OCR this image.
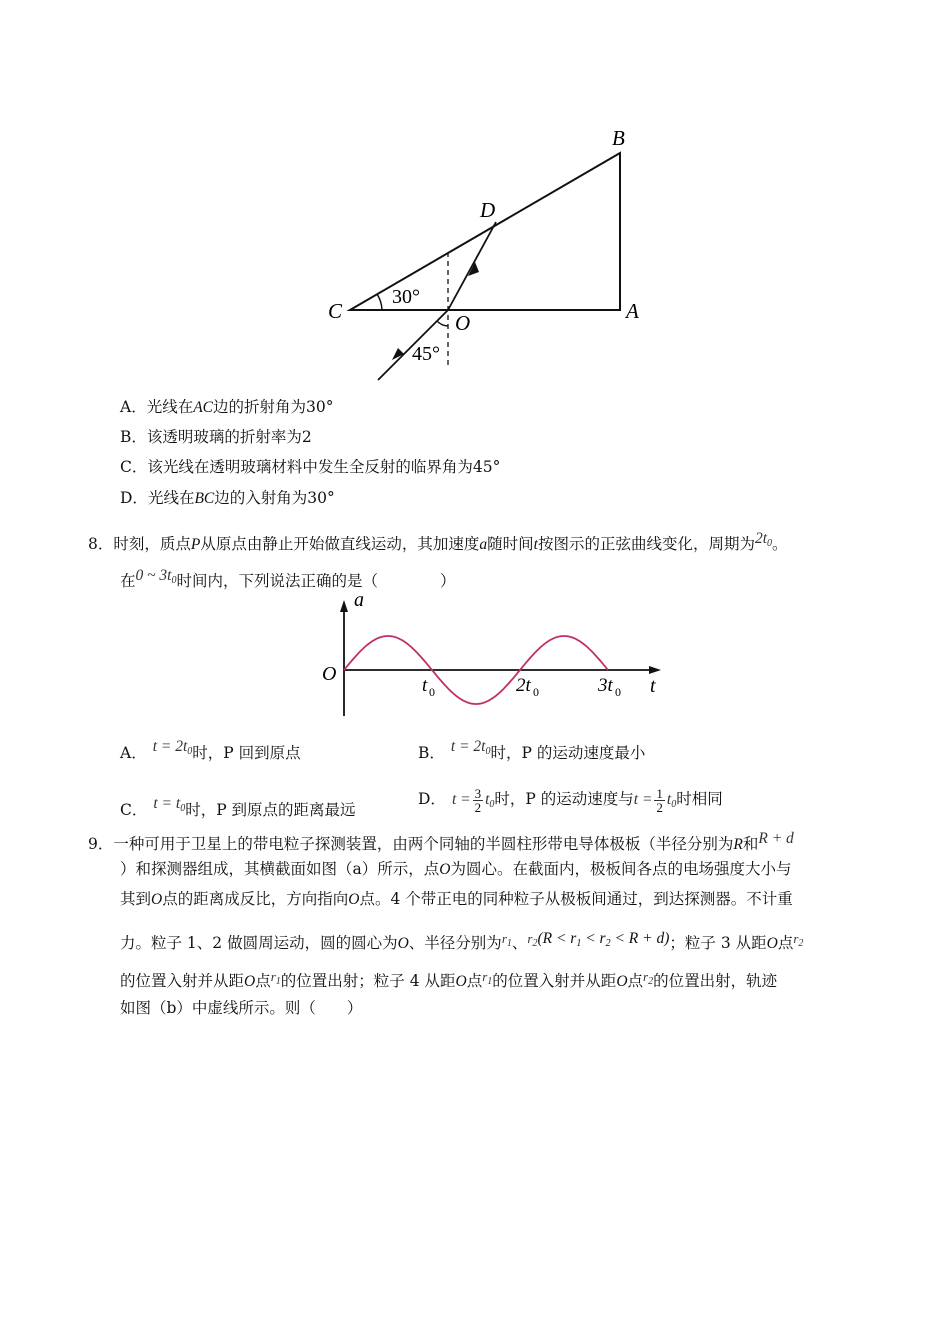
B
D
C	O	A
30°
45°
A．光线在AC边的折射角为30°
B．该透明玻璃的折射率为2
C．该光线在透明玻璃材料中发生全反射的临界角为45°
D．光线在BC边的入射角为30°
8．时刻，质点P从原点由静止开始做直线运动，其加速度a随时间t按图示的正弦曲线变化，周期为$2t_0$。
在0 ~ $3t_0$时间内，下列说法正确的是（　　　　）
a
t
O
t 0	2t 0	3t 0
A． $t = 2t_0$时，P 回到原点	B． $t = 2t_0$时，P 的运动速度最小
C． $t = t_0$时，P 到原点的距离最远
D． $t = \frac{3}{2} t_0$时，P 的运动速度与$t = \frac{1}{2} t_0$时相同
9．一种可用于卫星上的带电粒子探测装置，由两个同轴的半圆柱形带电导体极板（半径分别为R和R + d
）和探测器组成，其横截面如图（a）所示，点O为圆心。在截面内，极板间各点的电场强度大小与
其到O点的距离成反比，方向指向O点。4 个带正电的同种粒子从极板间通过，到达探测器。不计重
力。粒子 1、2 做圆周运动，圆的圆心为O、半径分别为$^{r_1}$、$^{r_2}(R < r_1 < r_2 < R + d)$；粒子 3 从距O点$^{r_2}$
的位置入射并从距O点$^{r_1}$的位置出射；粒子 4 从距O点$^{r_1}$的位置入射并从距O点$^{r_2}$的位置出射，轨迹
如图（b）中虚线所示。则（　　）
